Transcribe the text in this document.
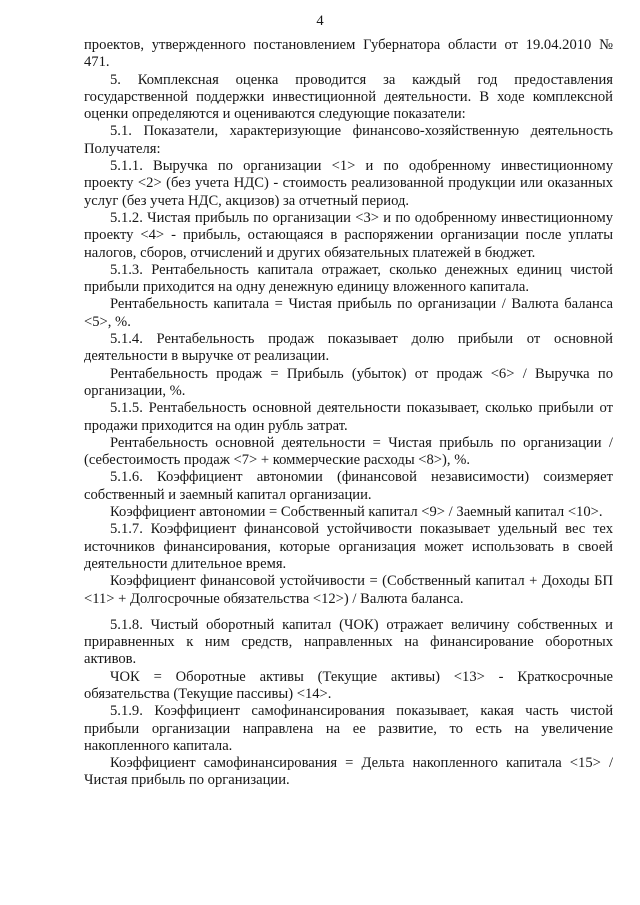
4

проектов, утвержденного постановлением Губернатора области от 19.04.2010 № 471.

5. Комплексная оценка проводится за каждый год предоставления государственной поддержки инвестиционной деятельности. В ходе комплексной оценки определяются и оцениваются следующие показатели:

5.1. Показатели, характеризующие финансово-хозяйственную деятельность Получателя:

5.1.1. Выручка по организации <1> и по одобренному инвестиционному проекту <2> (без учета НДС) - стоимость реализованной продукции или оказанных услуг (без учета НДС, акцизов) за отчетный период.

5.1.2. Чистая прибыль по организации <3> и по одобренному инвестиционному проекту <4> - прибыль, остающаяся в распоряжении организации после уплаты налогов, сборов, отчислений и других обязательных платежей в бюджет.

5.1.3. Рентабельность капитала отражает, сколько денежных единиц чистой прибыли приходится на одну денежную единицу вложенного капитала.

Рентабельность капитала = Чистая прибыль по организации / Валюта баланса <5>, %.

5.1.4. Рентабельность продаж показывает долю прибыли от основной деятельности в выручке от реализации.

Рентабельность продаж = Прибыль (убыток) от продаж <6> / Выручка по организации, %.

5.1.5. Рентабельность основной деятельности показывает, сколько прибыли от продажи приходится на один рубль затрат.

Рентабельность основной деятельности = Чистая прибыль по организации / (себестоимость продаж <7> + коммерческие расходы <8>), %.

5.1.6. Коэффициент автономии (финансовой независимости) соизмеряет собственный и заемный капитал организации.

Коэффициент автономии = Собственный капитал <9> / Заемный капитал <10>.

5.1.7. Коэффициент финансовой устойчивости показывает удельный вес тех источников финансирования, которые организация может использовать в своей деятельности длительное время.

Коэффициент финансовой устойчивости = (Собственный капитал + Доходы БП <11> + Долгосрочные обязательства <12>) / Валюта баланса.

5.1.8. Чистый оборотный капитал (ЧОК) отражает величину собственных и приравненных к ним средств, направленных на финансирование оборотных активов.

ЧОК = Оборотные активы (Текущие активы) <13> - Краткосрочные обязательства (Текущие пассивы) <14>.

5.1.9. Коэффициент самофинансирования показывает, какая часть чистой прибыли организации направлена на ее развитие, то есть на увеличение накопленного капитала.

Коэффициент самофинансирования = Дельта накопленного капитала <15> / Чистая прибыль по организации.
